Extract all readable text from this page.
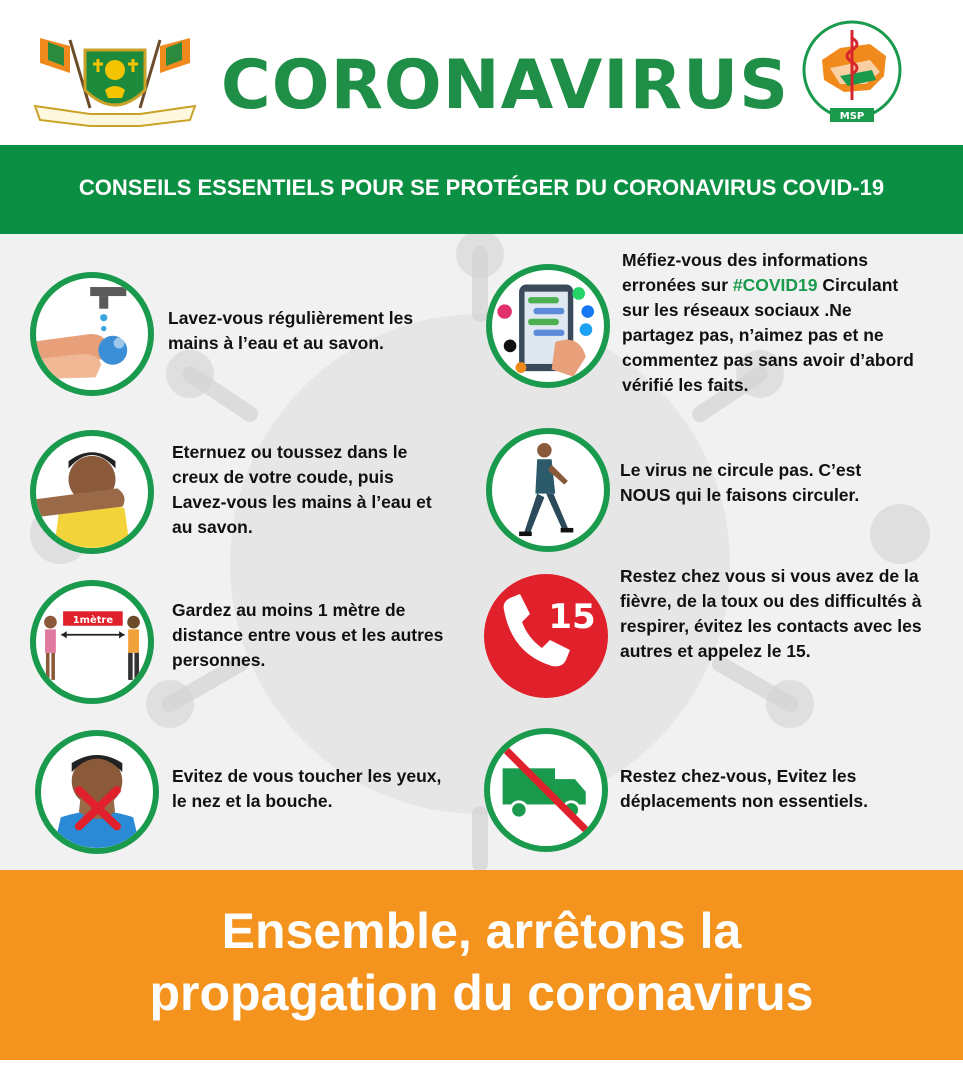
CORONAVIRUS	MSP
CONSEILS ESSENTIELS POUR SE PROTÉGER DU CORONAVIRUS COVID-19
Lavez-vous régulièrement les mains à l’eau et au savon.
Eternuez ou toussez dans le creux de votre coude, puis Lavez-vous les mains à l’eau et au savon.
1mètre
Gardez au moins 1 mètre de distance entre vous et les autres personnes.
Evitez de vous toucher les yeux, le nez et la bouche.
Méfiez-vous des informations erronées sur #COVID19 Circulant sur les réseaux sociaux .Ne partagez pas, n’aimez pas et ne commentez pas sans avoir d’abord vérifié les faits.
Le virus ne circule pas. C’est NOUS qui le faisons circuler.
15
Restez chez vous si vous avez de la fièvre, de la toux ou des difficultés à respirer, évitez les contacts avec les autres et appelez le 15.
Restez chez-vous, Evitez les déplacements non essentiels.
Ensemble, arrêtons la
propagation du coronavirus
